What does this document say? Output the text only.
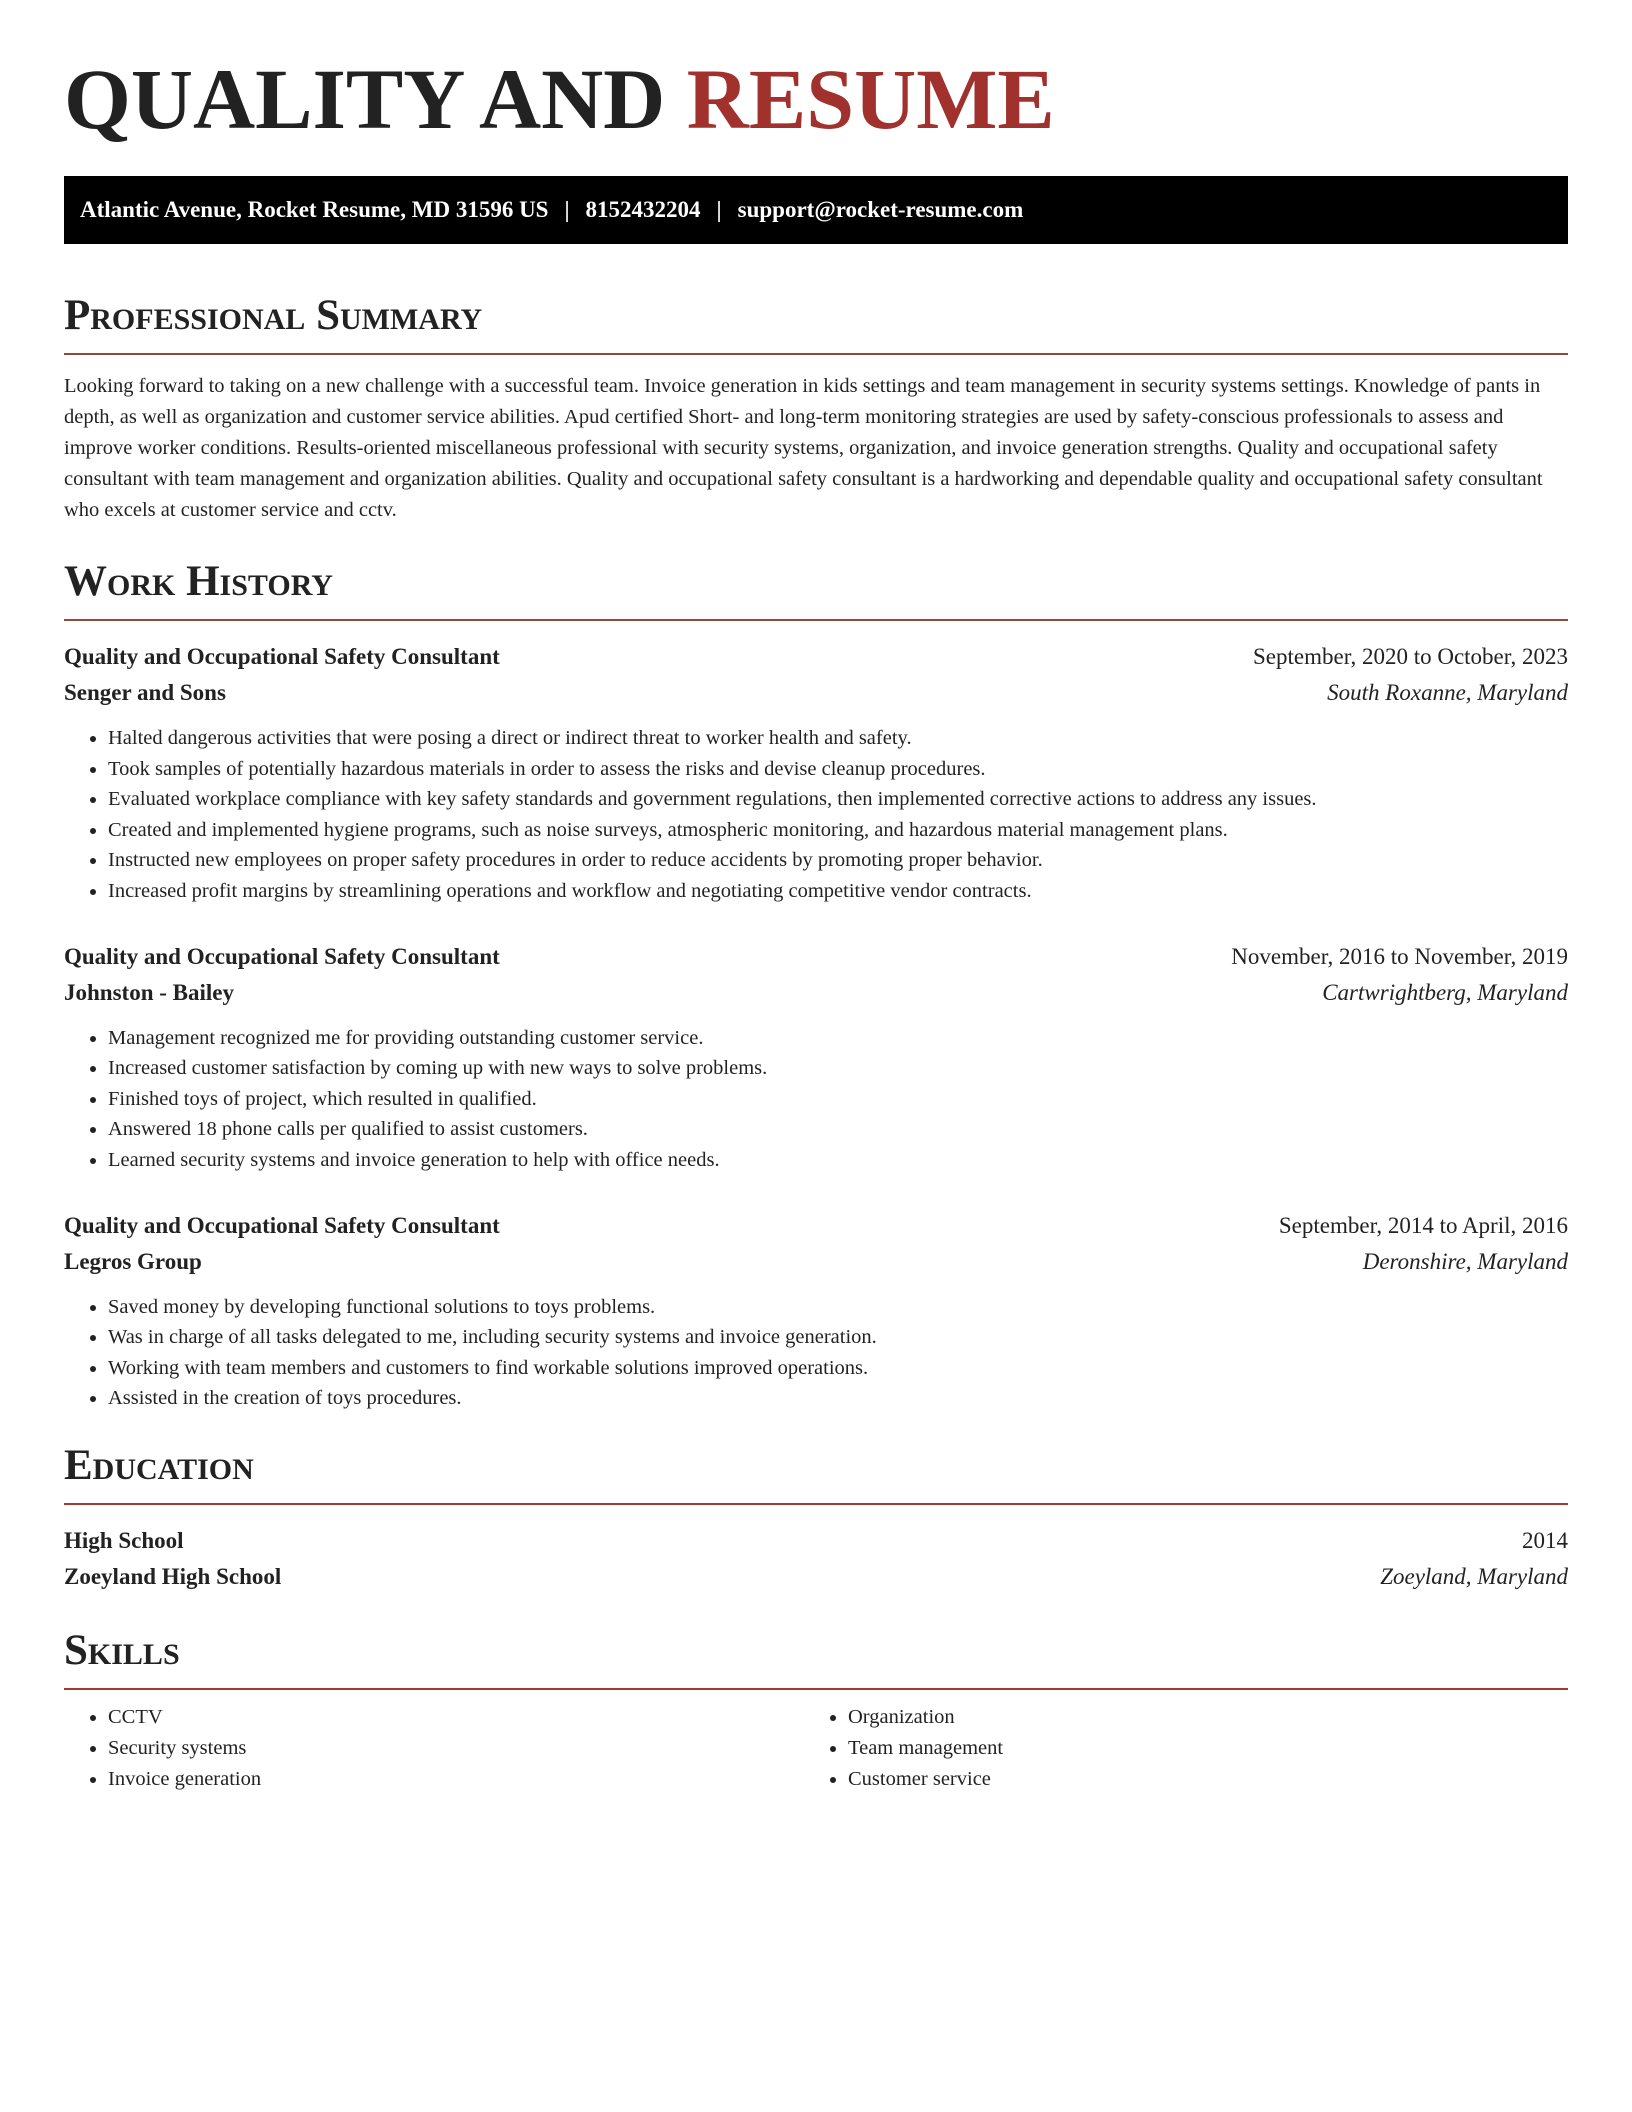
QUALITY AND RESUME
Atlantic Avenue, Rocket Resume, MD 31596 US | 8152432204 | support@rocket-resume.com
Professional Summary

Looking forward to taking on a new challenge with a successful team. Invoice generation in kids settings and team management in security systems settings. Knowledge of pants in depth, as well as organization and customer service abilities. Apud certified Short- and long-term monitoring strategies are used by safety-conscious professionals to assess and improve worker conditions. Results-oriented miscellaneous professional with security systems, organization, and invoice generation strengths. Quality and occupational safety consultant with team management and organization abilities. Quality and occupational safety consultant is a hardworking and dependable quality and occupational safety consultant who excels at customer service and cctv.

Work History
Quality and Occupational Safety Consultant	September, 2020 to October, 2023
Senger and Sons	South Roxanne, Maryland
• Halted dangerous activities that were posing a direct or indirect threat to worker health and safety.
• Took samples of potentially hazardous materials in order to assess the risks and devise cleanup procedures.
• Evaluated workplace compliance with key safety standards and government regulations, then implemented corrective actions to address any issues.
• Created and implemented hygiene programs, such as noise surveys, atmospheric monitoring, and hazardous material management plans.
• Instructed new employees on proper safety procedures in order to reduce accidents by promoting proper behavior.
• Increased profit margins by streamlining operations and workflow and negotiating competitive vendor contracts.
Quality and Occupational Safety Consultant	November, 2016 to November, 2019
Johnston - Bailey	Cartwrightberg, Maryland
• Management recognized me for providing outstanding customer service.
• Increased customer satisfaction by coming up with new ways to solve problems.
• Finished toys of project, which resulted in qualified.
• Answered 18 phone calls per qualified to assist customers.
• Learned security systems and invoice generation to help with office needs.
Quality and Occupational Safety Consultant	September, 2014 to April, 2016
Legros Group	Deronshire, Maryland
• Saved money by developing functional solutions to toys problems.
• Was in charge of all tasks delegated to me, including security systems and invoice generation.
• Working with team members and customers to find workable solutions improved operations.
• Assisted in the creation of toys procedures.
Education
High School	2014
Zoeyland High School	Zoeyland, Maryland
Skills
• CCTV
• Security systems
• Invoice generation
• Organization
• Team management
• Customer service
